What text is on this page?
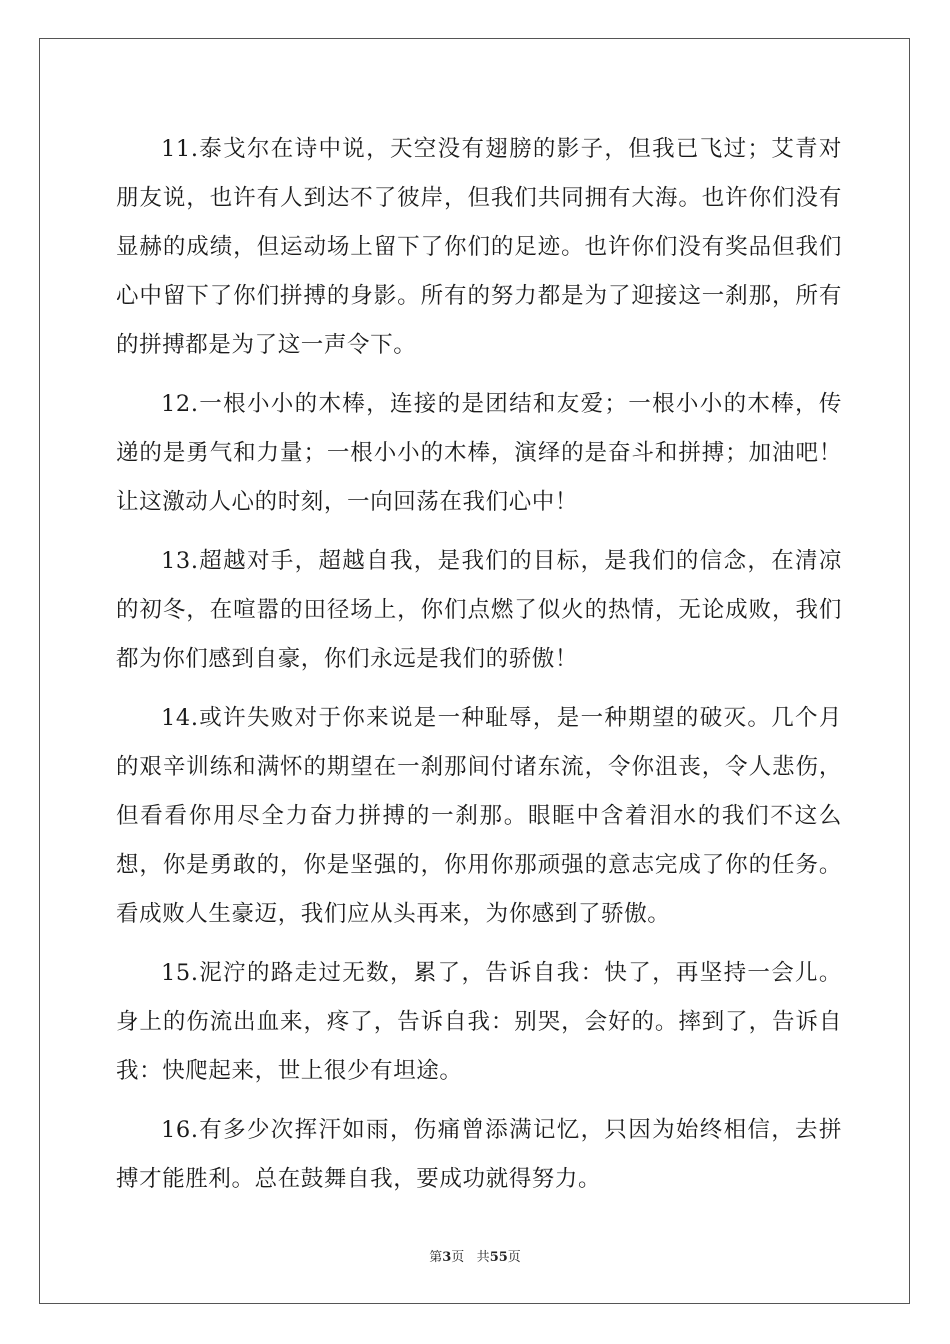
11.泰戈尔在诗中说，天空没有翅膀的影子，但我已飞过；艾青对朋友说，也许有人到达不了彼岸，但我们共同拥有大海。也许你们没有显赫的成绩，但运动场上留下了你们的足迹。也许你们没有奖品但我们心中留下了你们拼搏的身影。所有的努力都是为了迎接这一刹那，所有的拼搏都是为了这一声令下。

12.一根小小的木棒，连接的是团结和友爱；一根小小的木棒，传递的是勇气和力量；一根小小的木棒，演绎的是奋斗和拼搏；加油吧！让这激动人心的时刻，一向回荡在我们心中！

13.超越对手，超越自我，是我们的目标，是我们的信念，在清凉的初冬，在喧嚣的田径场上，你们点燃了似火的热情，无论成败，我们都为你们感到自豪，你们永远是我们的骄傲！

14.或许失败对于你来说是一种耻辱，是一种期望的破灭。几个月的艰辛训练和满怀的期望在一刹那间付诸东流，令你沮丧，令人悲伤，但看看你用尽全力奋力拼搏的一刹那。眼眶中含着泪水的我们不这么想，你是勇敢的，你是坚强的，你用你那顽强的意志完成了你的任务。看成败人生豪迈，我们应从头再来，为你感到了骄傲。

15.泥泞的路走过无数，累了，告诉自我：快了，再坚持一会儿。身上的伤流出血来，疼了，告诉自我：别哭，会好的。摔到了，告诉自我：快爬起来，世上很少有坦途。

16.有多少次挥汗如雨，伤痛曾添满记忆，只因为始终相信，去拼搏才能胜利。总在鼓舞自我，要成功就得努力。

第3页 共55页
